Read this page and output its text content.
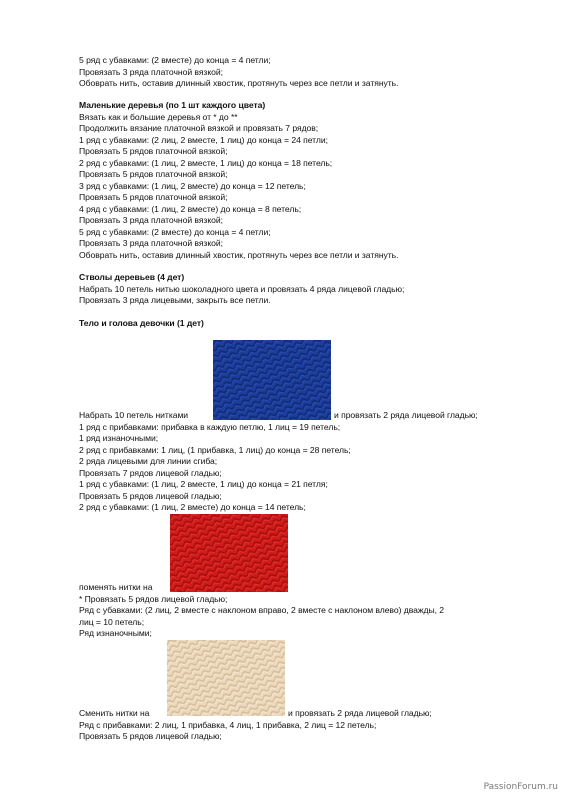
5 ряд с убавками: (2 вместе) до конца = 4 петли;
Провязать 3 ряда платочной вязкой;
Обоврать нить, оставив длинный хвостик, протянуть через все петли и затянуть.
Маленькие деревья (по 1 шт каждого цвета)
Вязать как и большие деревья от * до **
Продолжить вязание платочной вязкой и провязать 7 рядов;
1 ряд с убавками: (2 лиц, 2 вместе, 1 лиц) до конца = 24 петли;
Провязать 5 рядов платочной вязкой;
2 ряд с убавками: (1 лиц, 2 вместе, 1 лиц) до конца = 18 петель;
Провязать 5 рядов платочной вязкой;
3 ряд с убавками: (1 лиц, 2 вместе) до конца = 12 петель;
Провязать 5 рядов платочной вязкой;
4 ряд с убавками: (1 лиц, 2 вместе) до конца = 8 петель;
Провязать 3 ряда платочной вязкой;
5 ряд с убавками: (2 вместе) до конца = 4 петли;
Провязать 3 ряда платочной вязкой;
Обоврать нить, оставив длинный хвостик, протянуть через все петли и затянуть.
Стволы деревьев (4 дет)
Набрать 10 петель нитью шоколадного цвета и провязать 4 ряда лицевой гладью;
Провязать 3 ряда лицевыми, закрыть все петли.
Тело и голова девочки (1 дет)
Набрать 10 петель нитками	и провязать 2 ряда лицевой гладью;
1 ряд с прибавками: прибавка в каждую петлю, 1 лиц = 19 петель;
1 ряд изнаночными;
2 ряд с прибавками: 1 лиц, (1 прибавка, 1 лиц) до конца = 28 петель;
2 ряда лицевыми для линии сгиба;
Провязать 7 рядов лицевой гладью;
1 ряд с убавками: (1 лиц, 2 вместе, 1 лиц) до конца = 21 петля;
Провязать 5 рядов лицевой гладью;
2 ряд с убавками: (1 лиц, 2 вместе) до конца = 14 петель;
поменять нитки на
* Провязать 5 рядов лицевой гладью;
Ряд с убавками: (2 лиц, 2 вместе с наклоном вправо, 2 вместе с наклоном влево) дважды, 2
лиц = 10 петель;
Ряд изнаночными;
Сменить нитки на	и провязать 2 ряда лицевой гладью;
Ряд с прибавками: 2 лиц, 1 прибавка, 4 лиц, 1 прибавка, 2 лиц = 12 петель;
Провязать 5 рядов лицевой гладью;
PassionForum.ru
